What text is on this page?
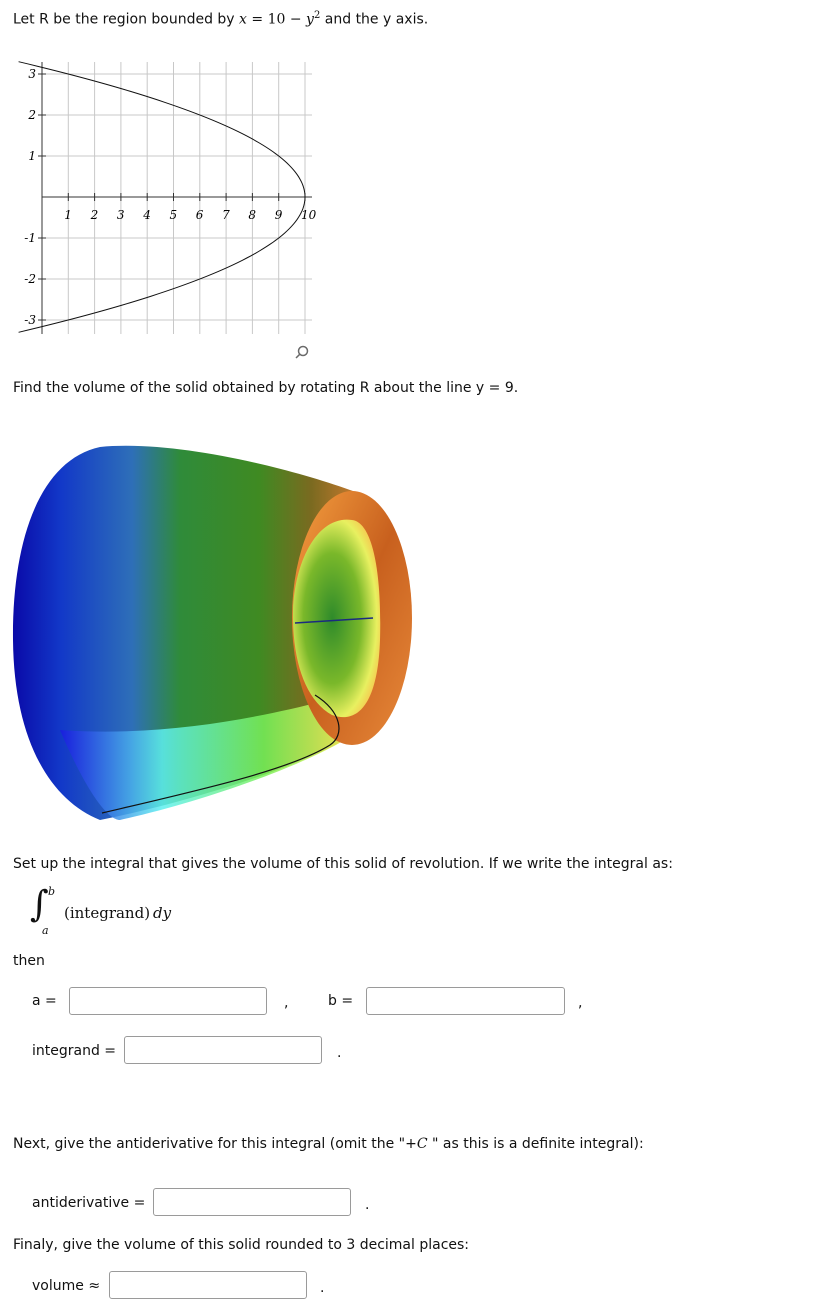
Let R be the region bounded by $x = 10 - y^2$ and the y axis.
1 2 3 4 5 6 7 8 9 10
3
2
1
-1
-2
-3
Find the volume of the solid obtained by rotating R about the line y = 9.
Set up the integral that gives the volume of this solid of revolution. If we write the integral as:
∫ b
a
(integrand) dy
then
a =	,	b =	,
integrand =	.
Next, give the antiderivative for this integral (omit the "+C " as this is a definite integral):
antiderivative =	.
Finaly, give the volume of this solid rounded to 3 decimal places:
volume ≈	.
